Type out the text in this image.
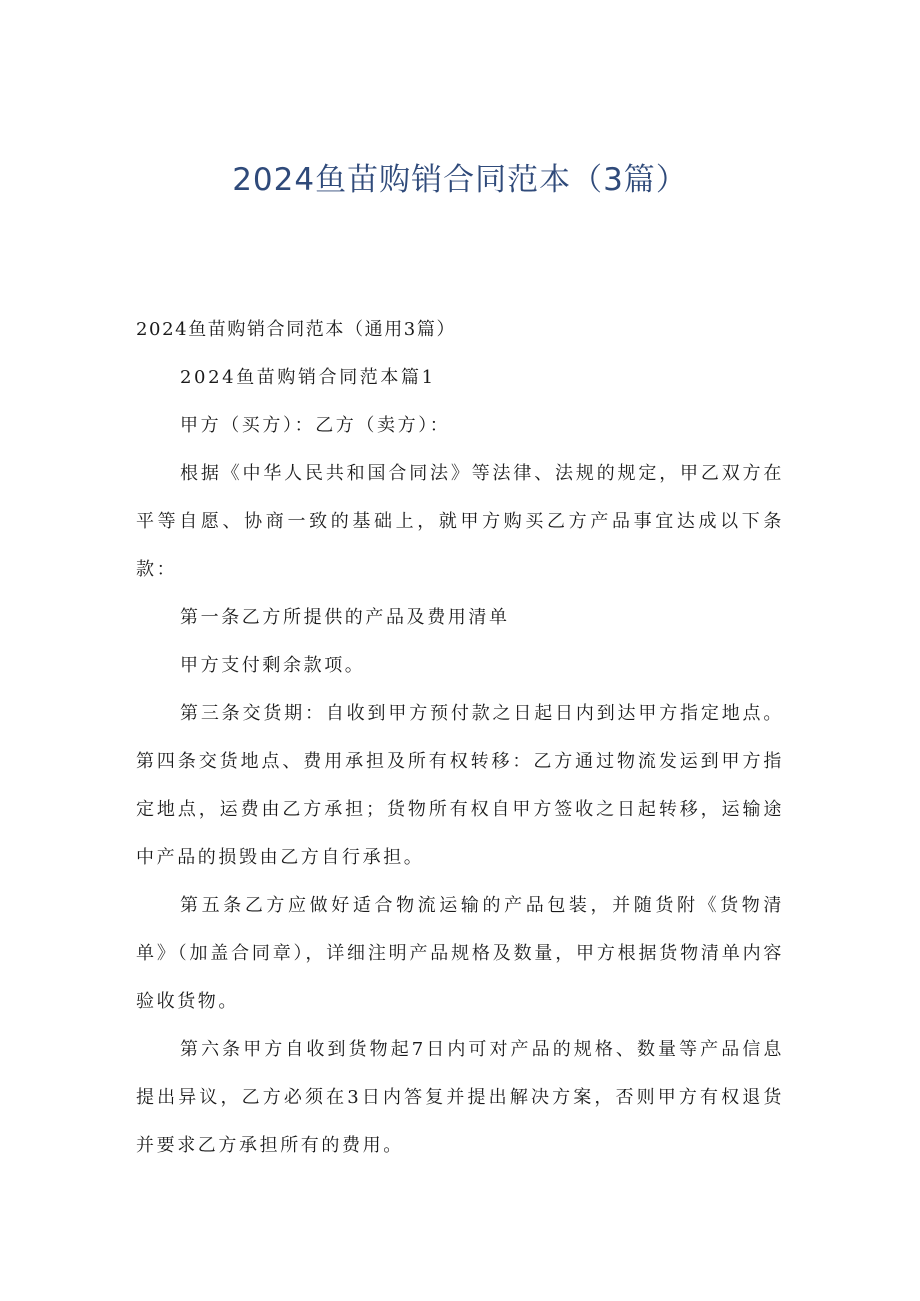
2024鱼苗购销合同范本（3篇）

2024鱼苗购销合同范本（通用3篇）

2024鱼苗购销合同范本篇1

甲方（买方）：乙方（卖方）：

根据《中华人民共和国合同法》等法律、法规的规定，甲乙双方在平等自愿、协商一致的基础上，就甲方购买乙方产品事宜达成以下条款：

第一条乙方所提供的产品及费用清单

甲方支付剩余款项。

第三条交货期：自收到甲方预付款之日起日内到达甲方指定地点。第四条交货地点、费用承担及所有权转移：乙方通过物流发运到甲方指定地点，运费由乙方承担；货物所有权自甲方签收之日起转移，运输途中产品的损毁由乙方自行承担。

第五条乙方应做好适合物流运输的产品包装，并随货附《货物清单》（加盖合同章），详细注明产品规格及数量，甲方根据货物清单内容验收货物。

第六条甲方自收到货物起7日内可对产品的规格、数量等产品信息提出异议，乙方必须在3日内答复并提出解决方案，否则甲方有权退货并要求乙方承担所有的费用。
